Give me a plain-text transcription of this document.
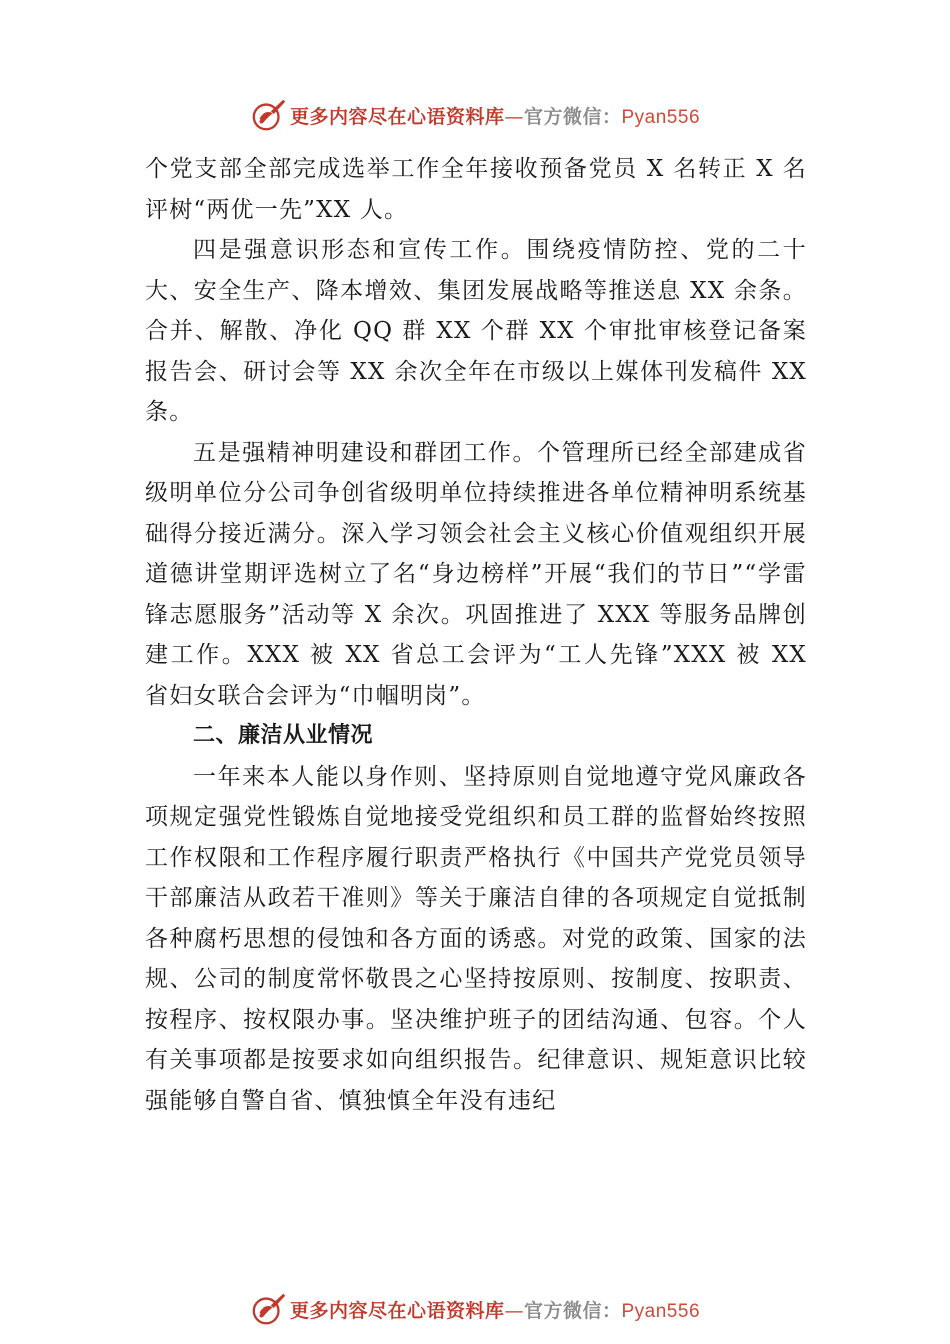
更多内容尽在心语资料库—官方微信：Pyan556

个党支部全部完成选举工作全年接收预备党员 X 名转正 X 名评树“两优一先”XX 人。

四是强意识形态和宣传工作。围绕疫情防控、党的二十大、安全生产、降本增效、集团发展战略等推送息 XX 余条。合并、解散、净化 QQ 群 XX 个群 XX 个审批审核登记备案报告会、研讨会等 XX 余次全年在市级以上媒体刊发稿件 XX 条。

五是强精神明建设和群团工作。个管理所已经全部建成省级明单位分公司争创省级明单位持续推进各单位精神明系统基础得分接近满分。深入学习领会社会主义核心价值观组织开展道德讲堂期评选树立了名“身边榜样”开展“我们的节日”“学雷锋志愿服务”活动等 X 余次。巩固推进了 XXX 等服务品牌创建工作。XXX 被 XX 省总工会评为“工人先锋”XXX 被 XX 省妇女联合会评为“巾帼明岗”。

二、廉洁从业情况

一年来本人能以身作则、坚持原则自觉地遵守党风廉政各项规定强党性锻炼自觉地接受党组织和员工群的监督始终按照工作权限和工作程序履行职责严格执行《中国共产党党员领导干部廉洁从政若干准则》等关于廉洁自律的各项规定自觉抵制各种腐朽思想的侵蚀和各方面的诱惑。对党的政策、国家的法规、公司的制度常怀敬畏之心坚持按原则、按制度、按职责、按程序、按权限办事。坚决维护班子的团结沟通、包容。个人有关事项都是按要求如向组织报告。纪律意识、规矩意识比较强能够自警自省、慎独慎全年没有违纪

更多内容尽在心语资料库—官方微信：Pyan556
